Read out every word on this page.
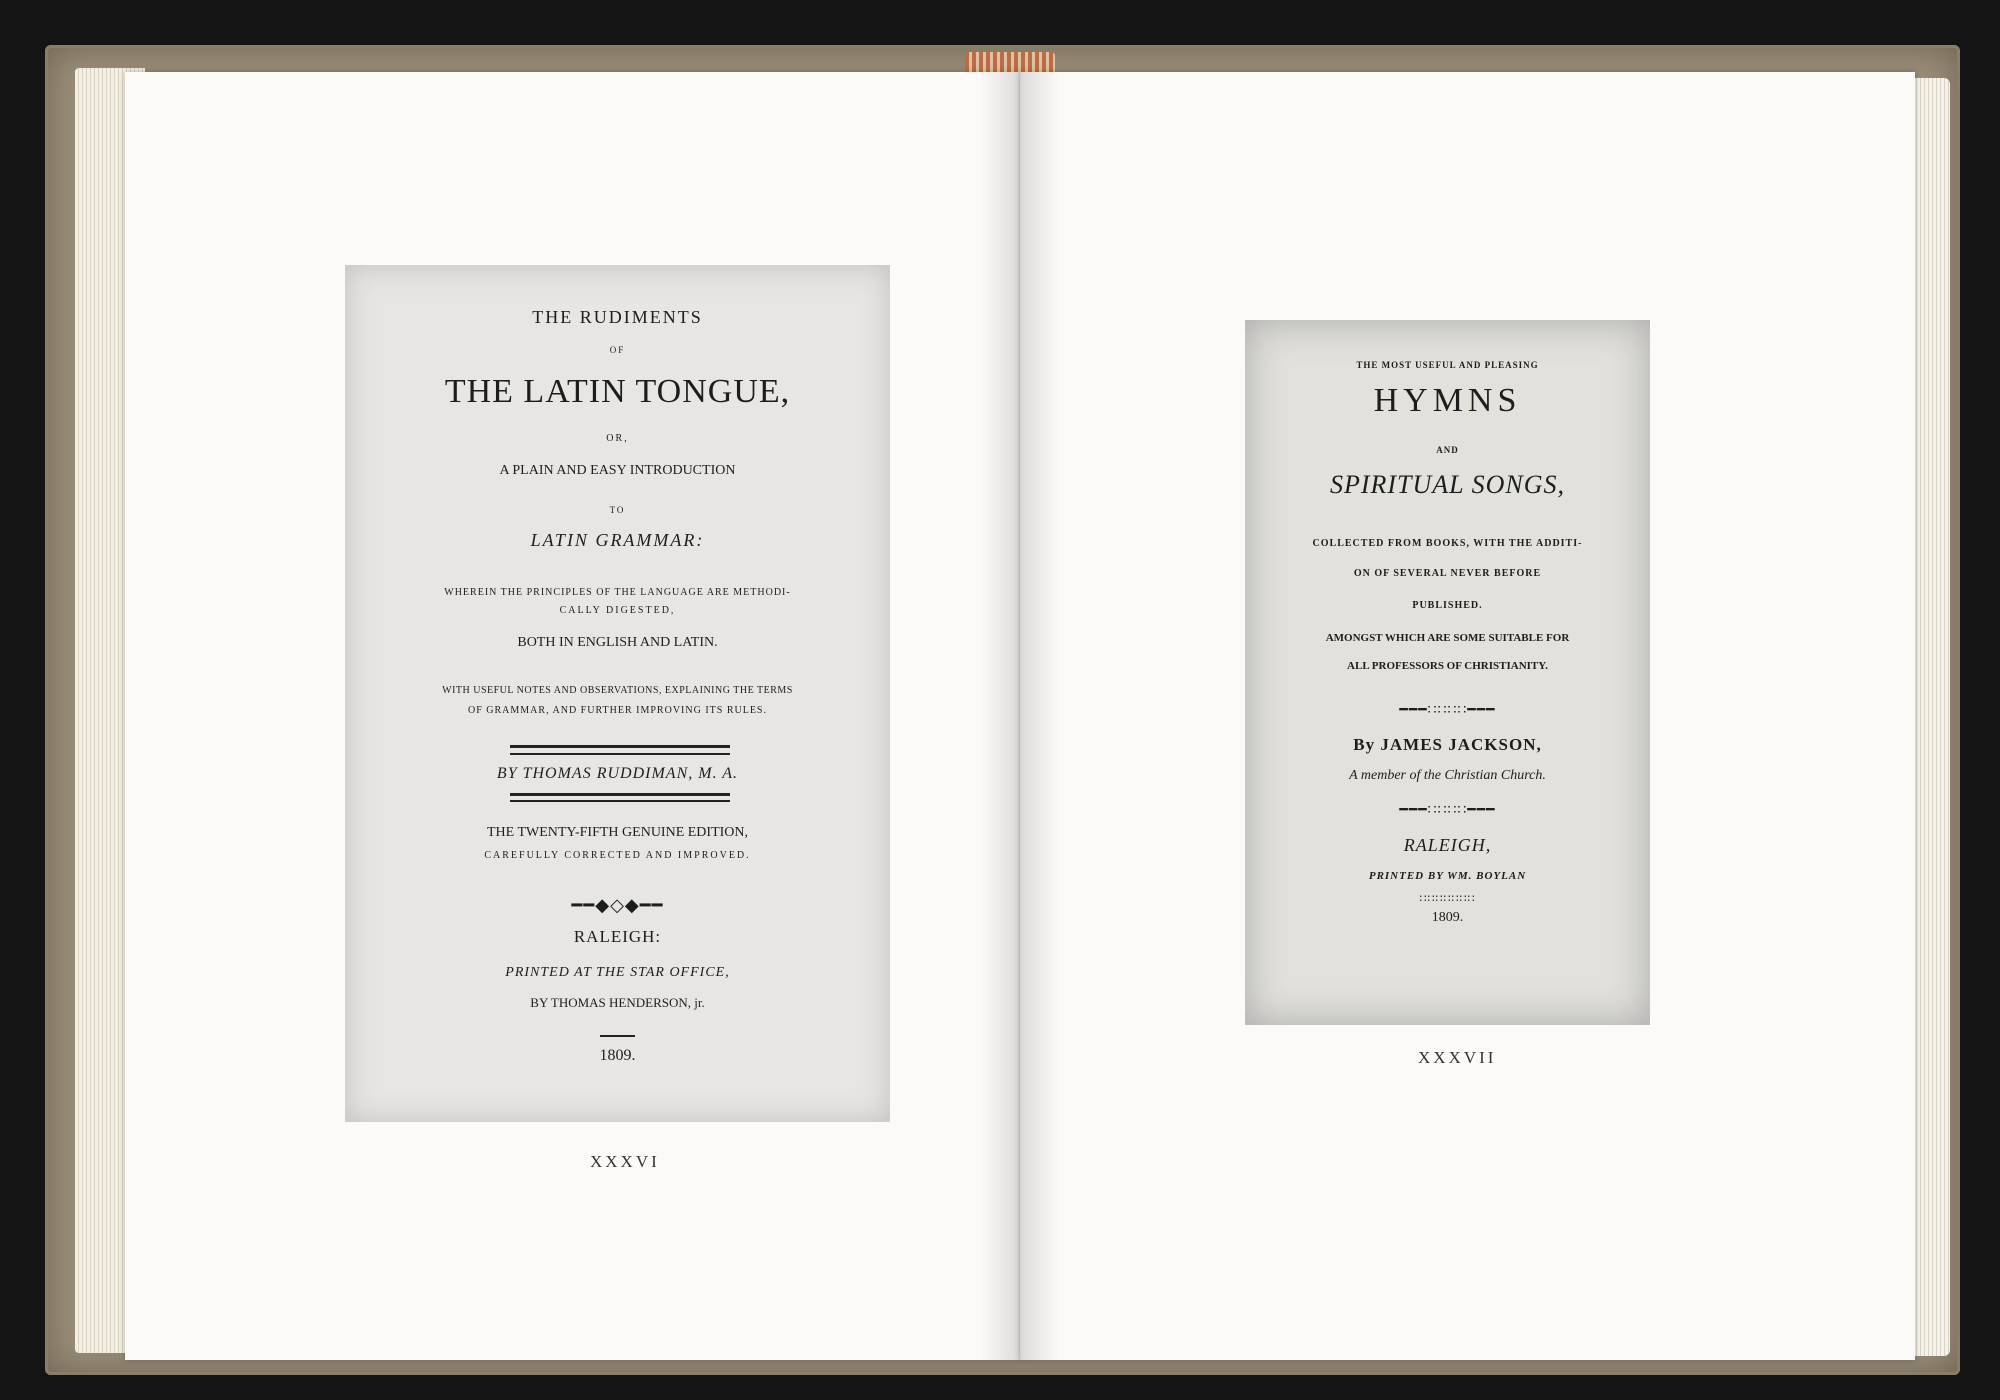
THE RUDIMENTS
OF
THE LATIN TONGUE,
OR,
A PLAIN AND EASY INTRODUCTION
TO
LATIN GRAMMAR:
WHEREIN THE PRINCIPLES OF THE LANGUAGE ARE METHODI-
CALLY DIGESTED,
BOTH IN ENGLISH AND LATIN.
WITH USEFUL NOTES AND OBSERVATIONS, EXPLAINING THE TERMS
OF GRAMMAR, AND FURTHER IMPROVING ITS RULES.
BY THOMAS RUDDIMAN, M. A.
THE TWENTY-FIFTH GENUINE EDITION,
CAREFULLY CORRECTED AND IMPROVED.
━━◆◇◆━━
RALEIGH:
PRINTED AT THE STAR OFFICE,
BY THOMAS HENDERSON, jr.
1809.
XXXVI
THE MOST USEFUL AND PLEASING
HYMNS
AND
SPIRITUAL SONGS,
COLLECTED FROM BOOKS, WITH THE ADDITI-
ON OF SEVERAL NEVER BEFORE
PUBLISHED.
AMONGST WHICH ARE SOME SUITABLE FOR
ALL PROFESSORS OF CHRISTIANITY.
━━━∷∷∷∷━━━
By JAMES JACKSON,
A member of the Christian Church.
━━━∷∷∷∷━━━
RALEIGH,
PRINTED BY WM. BOYLAN
∷∷∷∷∷∷∷
1809.
XXXVII
